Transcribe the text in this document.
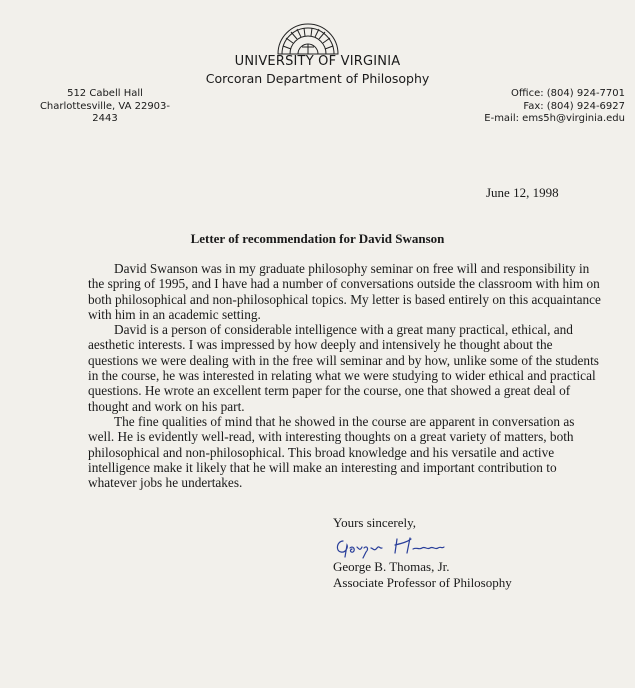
UNIVERSITY OF VIRGINIA
Corcoran Department of Philosophy
512 Cabell Hall
Charlottesville, VA 22903-2443
Office: (804) 924-7701
Fax: (804) 924-6927
E-mail: ems5h@virginia.edu
June 12, 1998
Letter of recommendation for David Swanson
David Swanson was in my graduate philosophy seminar on free will and responsibility in
the spring of 1995, and I have had a number of conversations outside the classroom with him on
both philosophical and non-philosophical topics. My letter is based entirely on this acquaintance
with him in an academic setting.
David is a person of considerable intelligence with a great many practical, ethical, and
aesthetic interests. I was impressed by how deeply and intensively he thought about the
questions we were dealing with in the free will seminar and by how, unlike some of the students
in the course, he was interested in relating what we were studying to wider ethical and practical
questions. He wrote an excellent term paper for the course, one that showed a great deal of
thought and work on his part.
The fine qualities of mind that he showed in the course are apparent in conversation as
well. He is evidently well-read, with interesting thoughts on a great variety of matters, both
philosophical and non-philosophical. This broad knowledge and his versatile and active
intelligence make it likely that he will make an interesting and important contribution to
whatever jobs he undertakes.
Yours sincerely,
George B. Thomas, Jr.
Associate Professor of Philosophy
